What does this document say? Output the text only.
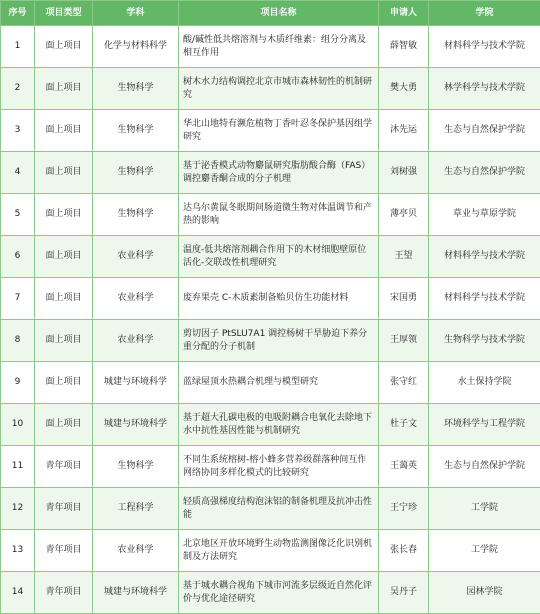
序号	项目类型	学科	项目名称	申请人	学院
1	面上项目	化学与材料科学	酸/碱性低共熔溶剂与木质纤维素：组分分离及相互作用	薛智敏	材料科学与技术学院
2	面上项目	生物科学	树木水力结构调控北京市城市森林韧性的机制研究	樊大勇	林学科学与技术学院
3	面上项目	生物科学	华北山地特有濒危植物丁香叶忍冬保护基因组学研究	沐先运	生态与自然保护学院
4	面上项目	生物科学	基于泌香模式动物麝鼠研究脂肪酸合酶（FAS）调控麝香酮合成的分子机理	刘树强	生态与自然保护学院
5	面上项目	生物科学	达乌尔黄鼠冬眠期间肠道微生物对体温调节和产热的影响	薄亭贝	草业与草原学院
6	面上项目	农业科学	温度-低共熔溶剂耦合作用下的木材细胞壁原位活化-交联改性机理研究	王望	材料科学与技术学院
7	面上项目	农业科学	废弃果壳 C-木质素制备贻贝仿生功能材料	宋国勇	材料科学与技术学院
8	面上项目	农业科学	剪切因子 PtSLU7A1 调控杨树干旱胁迫下养分重分配的分子机制	王厚领	生物科学与技术学院
9	面上项目	城建与环境科学	蓝绿屋顶水热耦合机理与模型研究	张守红	水土保持学院
10	面上项目	城建与环境科学	基于超大孔碳电极的电吸附耦合电氧化去除地下水中抗性基因性能与机制研究	杜子文	环境科学与工程学院
11	青年项目	生物科学	不同生系统榕树-榕小蜂多营养级群落种间互作网络协同多样化模式的比较研究	王蔼英	生态与自然保护学院
12	青年项目	工程科学	轻质高强梯度结构泡沫铝的制备机理及抗冲击性能	王宁珍	工学院
13	青年项目	农业科学	北京地区开放环境野生动物监测图像泛化识别机制及方法研究	张长春	工学院
14	青年项目	城建与环境科学	基于城水耦合视角下城市河流多层级近自然化评价与优化途径研究	吴丹子	园林学院
